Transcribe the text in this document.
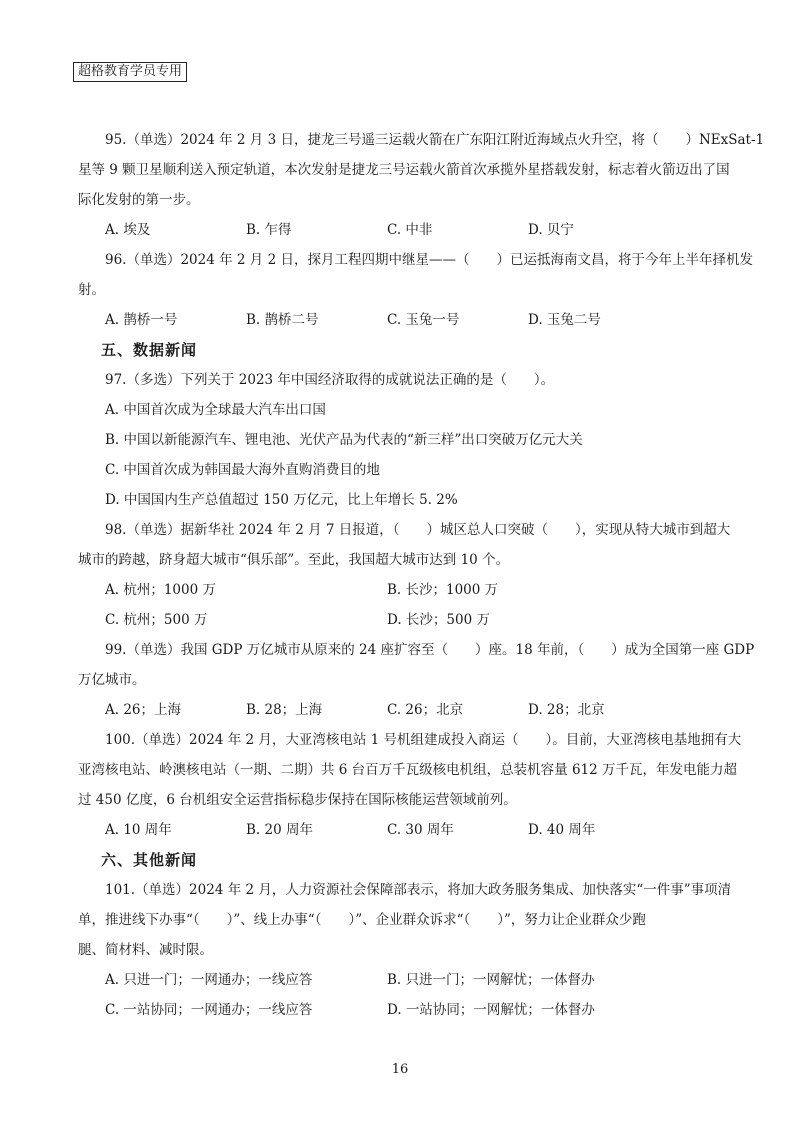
超格教育学员专用
95.（单选）2024 年 2 月 3 日，捷龙三号遥三运载火箭在广东阳江附近海域点火升空，将（　　）NExSat-1
星等 9 颗卫星顺利送入预定轨道，本次发射是捷龙三号运载火箭首次承揽外星搭载发射，标志着火箭迈出了国
际化发射的第一步。
A. 埃及	B. 乍得	C. 中非	D. 贝宁
96.（单选）2024 年 2 月 2 日，探月工程四期中继星——（　　）已运抵海南文昌，将于今年上半年择机发
射。
A. 鹊桥一号	B. 鹊桥二号	C. 玉兔一号	D. 玉兔二号
五、数据新闻
97.（多选）下列关于 2023 年中国经济取得的成就说法正确的是（　　）。
A. 中国首次成为全球最大汽车出口国
B. 中国以新能源汽车、锂电池、光伏产品为代表的“新三样”出口突破万亿元大关
C. 中国首次成为韩国最大海外直购消费目的地
D. 中国国内生产总值超过 150 万亿元，比上年增长 5. 2%
98.（单选）据新华社 2024 年 2 月 7 日报道，（　　）城区总人口突破（　　），实现从特大城市到超大
城市的跨越，跻身超大城市“俱乐部”。至此，我国超大城市达到 10 个。
A. 杭州；1000 万	B. 长沙；1000 万
C. 杭州；500 万	D. 长沙；500 万
99.（单选）我国 GDP 万亿城市从原来的 24 座扩容至（　　）座。18 年前，（　　）成为全国第一座 GDP
万亿城市。
A. 26；上海	B. 28；上海	C. 26；北京	D. 28；北京
100.（单选）2024 年 2 月，大亚湾核电站 1 号机组建成投入商运（　　）。目前，大亚湾核电基地拥有大
亚湾核电站、岭澳核电站（一期、二期）共 6 台百万千瓦级核电机组，总装机容量 612 万千瓦，年发电能力超
过 450 亿度，6 台机组安全运营指标稳步保持在国际核能运营领域前列。
A. 10 周年	B. 20 周年	C. 30 周年	D. 40 周年
六、其他新闻
101.（单选）2024 年 2 月，人力资源社会保障部表示，将加大政务服务集成、加快落实“一件事”事项清
单，推进线下办事“（　　）”、线上办事“（　　）”、企业群众诉求“（　　）”，努力让企业群众少跑
腿、简材料、减时限。
A. 只进一门；一网通办；一线应答	B. 只进一门；一网解忧；一体督办
C. 一站协同；一网通办；一线应答	D. 一站协同；一网解忧；一体督办
16
